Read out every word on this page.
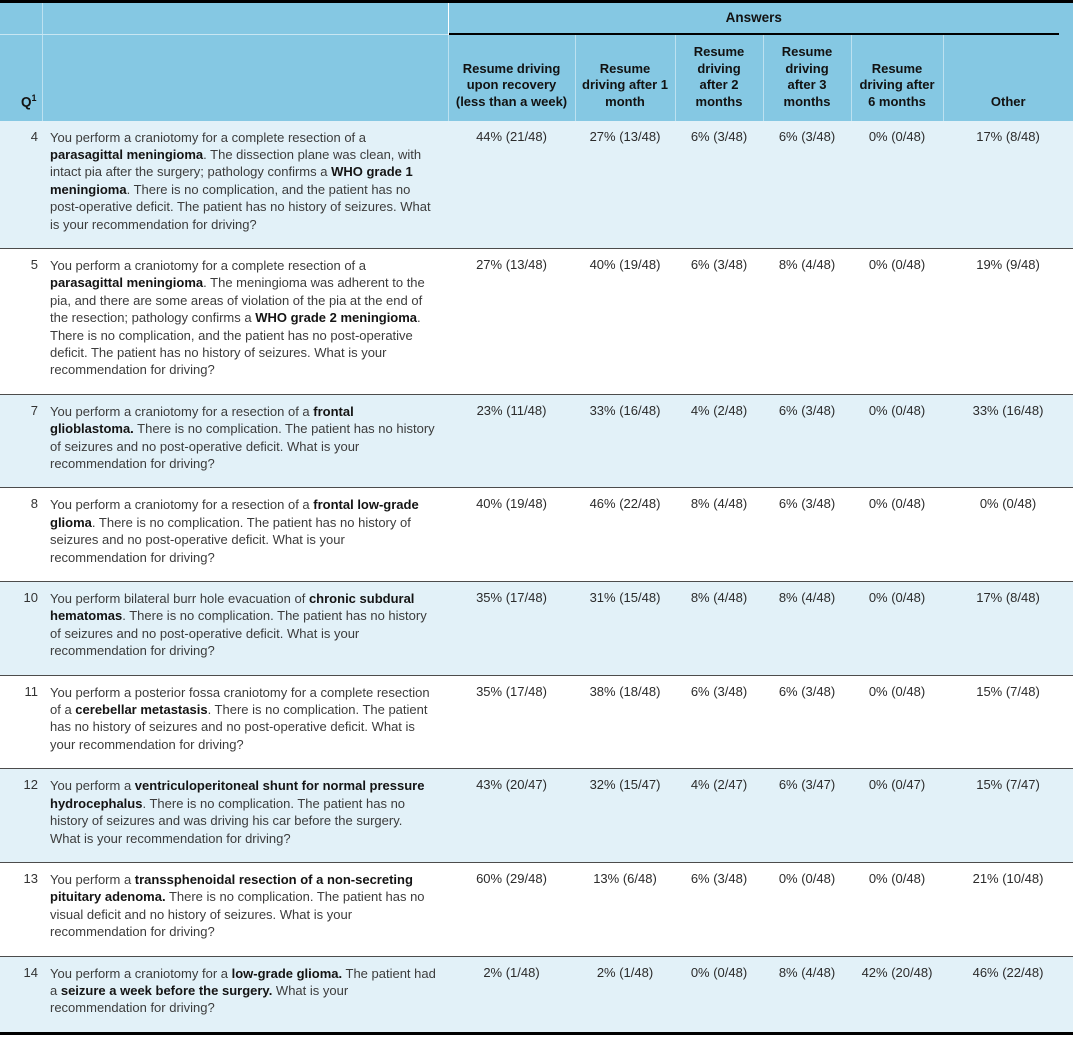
Answers					

$Q^1$		Resume driving upon recovery (less than a week)	Resume driving after 1 month	Resume driving after 2 months	Resume driving after 3 months	Resume driving after 6 months	Other
4	You perform a craniotomy for a complete resection of a parasagittal meningioma. The dissection plane was clean, with intact pia after the surgery; pathology confirms a WHO grade 1 meningioma. There is no complication, and the patient has no post-operative deficit. The patient has no history of seizures. What is your recommendation for driving?	44% (21/48)	27% (13/48)	6% (3/48)	6% (3/48)	0% (0/48)	17% (8/48)
5	You perform a craniotomy for a complete resection of a parasagittal meningioma. The meningioma was adherent to the pia, and there are some areas of violation of the pia at the end of the resection; pathology confirms a WHO grade 2 meningioma. There is no complication, and the patient has no post-operative deficit. The patient has no history of seizures. What is your recommendation for driving?	27% (13/48)	40% (19/48)	6% (3/48)	8% (4/48)	0% (0/48)	19% (9/48)
7	You perform a craniotomy for a resection of a frontal glioblastoma. There is no complication. The patient has no history of seizures and no post-operative deficit. What is your recommendation for driving?	23% (11/48)	33% (16/48)	4% (2/48)	6% (3/48)	0% (0/48)	33% (16/48)
8	You perform a craniotomy for a resection of a frontal low-grade glioma. There is no complication. The patient has no history of seizures and no post-operative deficit. What is your recommendation for driving?	40% (19/48)	46% (22/48)	8% (4/48)	6% (3/48)	0% (0/48)	0% (0/48)
10	You perform bilateral burr hole evacuation of chronic subdural hematomas. There is no complication. The patient has no history of seizures and no post-operative deficit. What is your recommendation for driving?	35% (17/48)	31% (15/48)	8% (4/48)	8% (4/48)	0% (0/48)	17% (8/48)
11	You perform a posterior fossa craniotomy for a complete resection of a cerebellar metastasis. There is no complication. The patient has no history of seizures and no post-operative deficit. What is your recommendation for driving?	35% (17/48)	38% (18/48)	6% (3/48)	6% (3/48)	0% (0/48)	15% (7/48)
12	You perform a ventriculoperitoneal shunt for normal pressure hydrocephalus. There is no complication. The patient has no history of seizures and was driving his car before the surgery. What is your recommendation for driving?	43% (20/47)	32% (15/47)	4% (2/47)	6% (3/47)	0% (0/47)	15% (7/47)
13	You perform a transsphenoidal resection of a non-secreting pituitary adenoma. There is no complication. The patient has no visual deficit and no history of seizures. What is your recommendation for driving?	60% (29/48)	13% (6/48)	6% (3/48)	0% (0/48)	0% (0/48)	21% (10/48)
14	You perform a craniotomy for a low-grade glioma. The patient had a seizure a week before the surgery. What is your recommendation for driving?	2% (1/48)	2% (1/48)	0% (0/48)	8% (4/48)	42% (20/48)	46% (22/48)
